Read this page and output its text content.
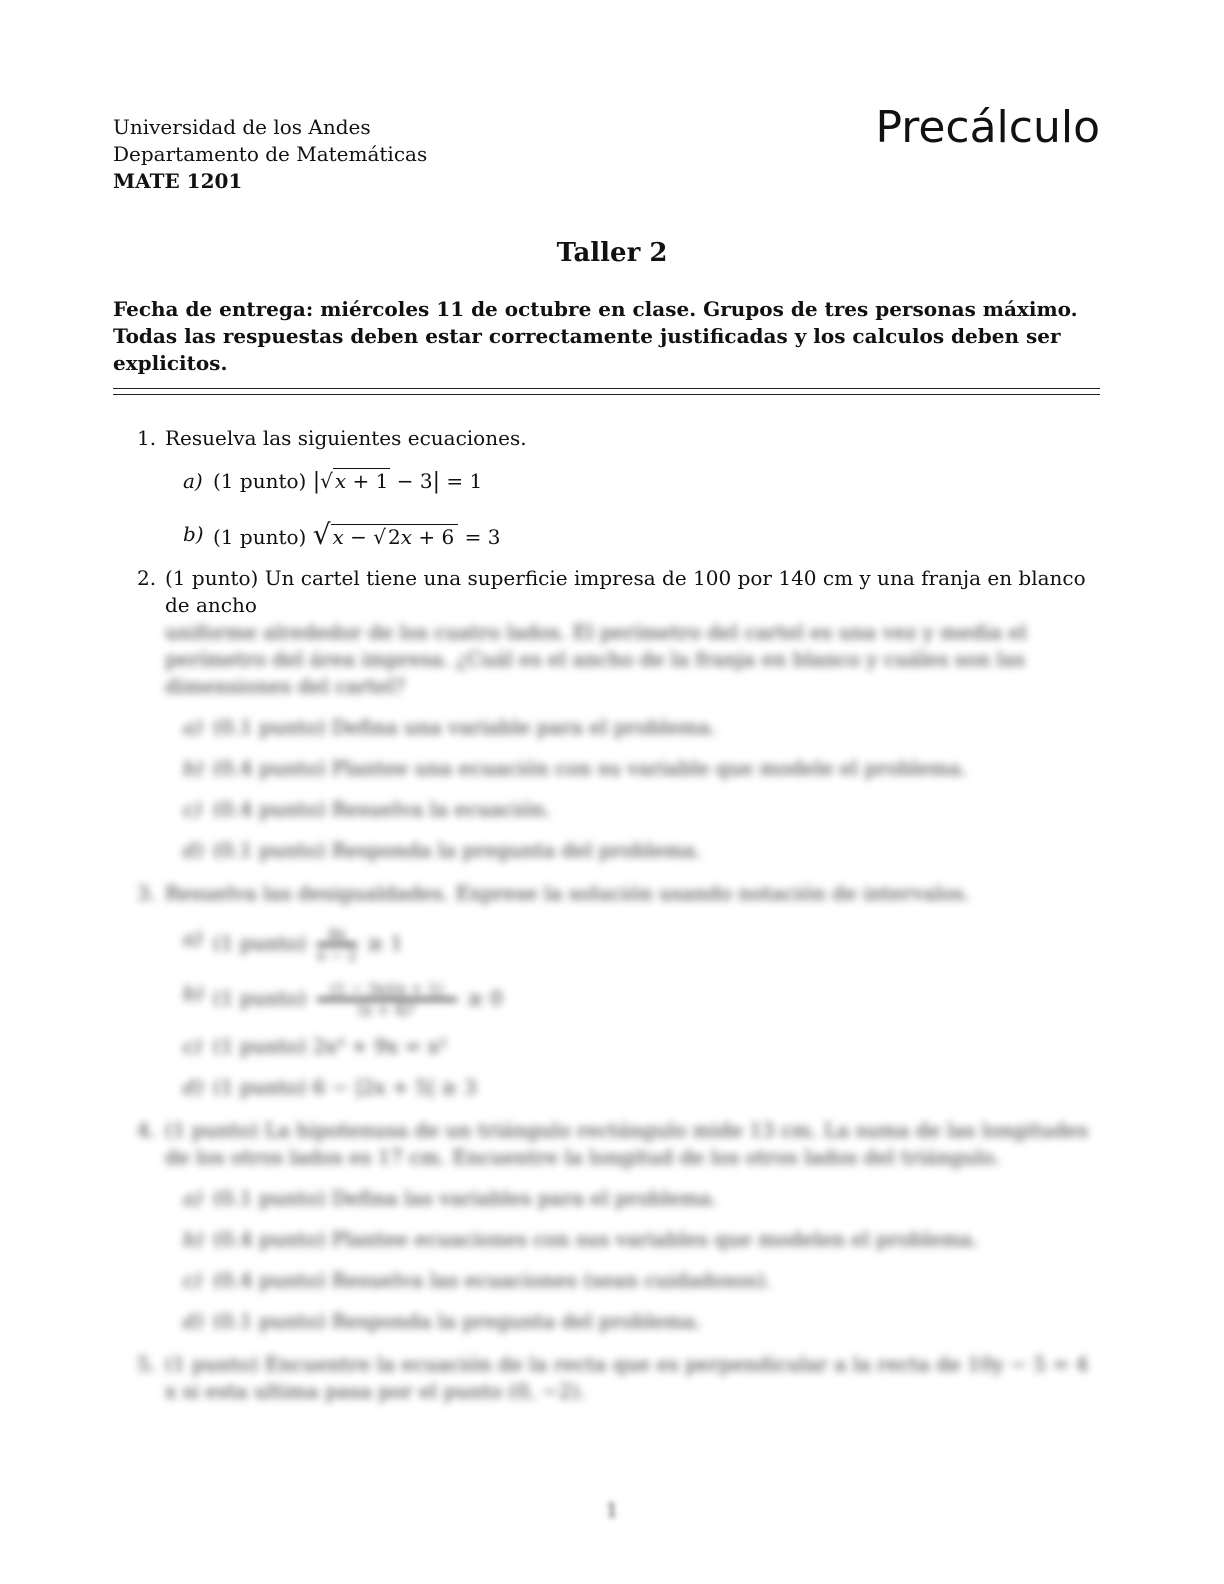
Universidad de los Andes
Departamento de Matemáticas
MATE 1201
Precálculo
Taller 2
Fecha de entrega: miércoles 11 de octubre en clase. Grupos de tres personas máximo. Todas las respuestas deben estar correctamente justificadas y los calculos deben ser explicitos.
1. Resuelva las siguientes ecuaciones.
a) (1 punto) |√ x + 1 − 3| = 1
b) (1 punto) √ x − √ 2x + 6 = 3
2. (1 punto) Un cartel tiene una superficie impresa de 100 por 140 cm y una franja en blanco de ancho
uniforme alrededor de los cuatro lados. El perímetro del cartel es una vez y media el perímetro del área impresa. ¿Cuál es el ancho de la franja en blanco y cuáles son las dimensiones del cartel?
a) (0.1 punto) Defina una variable para el problema.
b) (0.4 punto) Plantee una ecuación con su variable que modele el problema.
c) (0.4 punto) Resuelva la ecuación.
d) (0.1 punto) Responda la pregunta del problema.
3. Resuelva las desigualdades. Exprese la solución usando notación de intervalos.
a) (1 punto) $\frac{4x}{x - 2} \ge 1$
b) (1 punto) $\frac{(1 - 3x)(x + 1)}{\text{(x + 4)²}} \ge 0$
c) (1 punto) 2x³ + 9x = x²
d) (1 punto) 6 − |2x + 5| ≥ 3
4. (1 punto) La hipotenusa de un triángulo rectángulo mide 13 cm. La suma de las longitudes de los otros lados es 17 cm. Encuentre la longitud de los otros lados del triángulo.
a) (0.1 punto) Defina las variables para el problema.
b) (0.4 punto) Plantee ecuaciones con sus variables que modelen el problema.
c) (0.4 punto) Resuelva las ecuaciones (sean cuidadosos).
d) (0.1 punto) Responda la pregunta del problema.
5. (1 punto) Encuentre la ecuación de la recta que es perpendicular a la recta de 10y − 5 = 4 x si esta ultima pasa por el punto (0, −2).
1
